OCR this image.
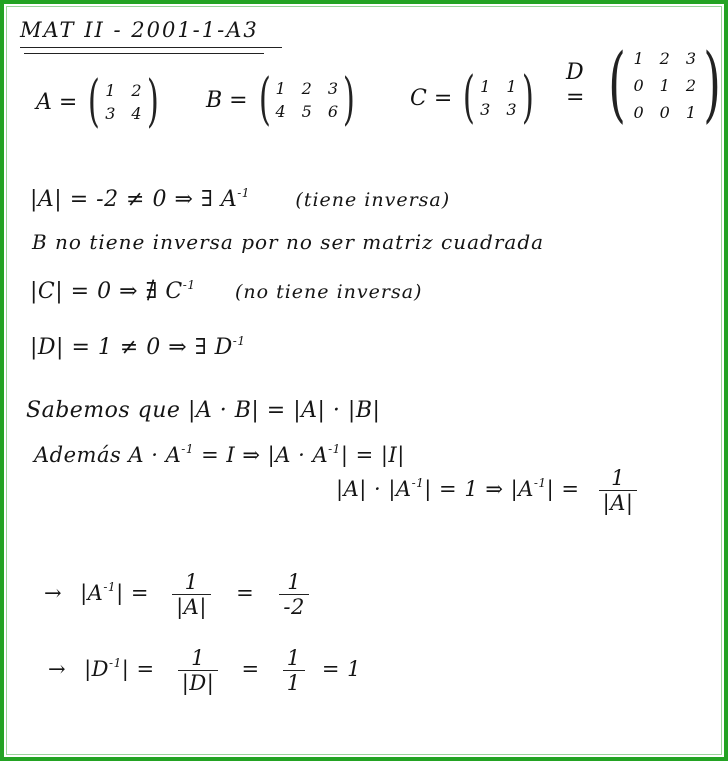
MAT II - 2001-1-A3
A = ( 1 2
3 4 ) B = ( 1 2 3
4 5 6 )	C = ( 1 1
3 3 ) D = ( 1 2 3
0 1 2
0 0 1 )
|A| = -2 ≠ 0 ⇒ ∃ $A^{-1}$ (tiene inversa)
B no tiene inversa por no ser matriz cuadrada
|C| = 0 ⇒ ∄ $C^{-1}$ (no tiene inversa)
|D| = 1 ≠ 0 ⇒ ∃ $D^{-1}$
Sabemos que |A · B| = |A| · |B|
Además $A \cdot A^{-1} = I$ ⇒ $|A \cdot A^{-1}| = |I|$
$|A| \cdot |A^{-1}| = 1$ ⇒ $|A^{-1}| = \frac{1}{|A|}$
→ $|A^{-1}| = \frac{1}{|A|} = \frac{1}{-2}$
→ $|D^{-1}| = \frac{1}{|D|} = \frac{1}{1} = 1$
